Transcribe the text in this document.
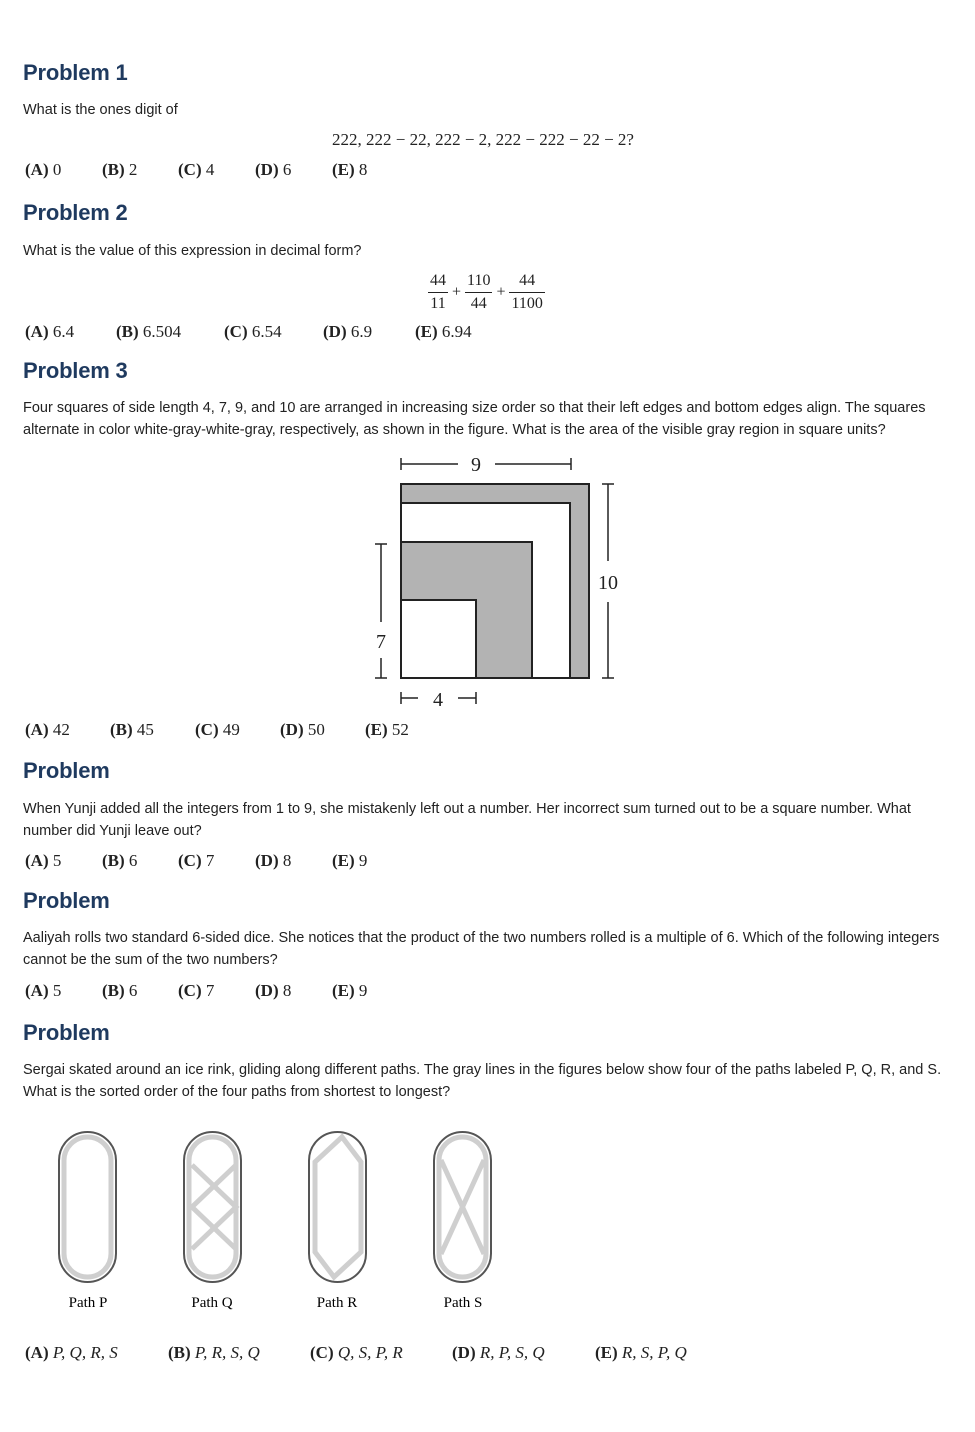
Problem 1
What is the ones digit of
222, 222 − 22, 222 − 2, 222 − 222 − 22 − 2?
(A) 0 (B) 2 (C) 4 (D) 6 (E) 8
Problem 2
What is the value of this expression in decimal form?
$\frac{44}{11} + \frac{110}{44} + \frac{44}{1100}$
(A) 6.4 (B) 6.504	(C) 6.54 (D) 6.9	(E) 6.94
Problem 3
Four squares of side length 4, 7, 9, and 10 are arranged in increasing size order so that their left edges and bottom edges align. The squares alternate in color white-gray-white-gray, respectively, as shown in the figure. What is the area of the visible gray region in square units?
9
10
7
4
(A) 42 (B) 45 (C) 49 (D) 50 (E) 52
Problem
When Yunji added all the integers from 1 to 9, she mistakenly left out a number. Her incorrect sum turned out to be a square number. What number did Yunji leave out?
(A) 5 (B) 6 (C) 7 (D) 8 (E) 9
Problem
Aaliyah rolls two standard 6-sided dice. She notices that the product of the two numbers rolled is a multiple of 6. Which of the following integers cannot be the sum of the two numbers?
(A) 5 (B) 6 (C) 7 (D) 8 (E) 9
Problem
Sergai skated around an ice rink, gliding along different paths. The gray lines in the figures below show four of the paths labeled P, Q, R, and S. What is the sorted order of the four paths from shortest to longest?
Path P	Path Q	Path R	Path S
(A) P, Q, R, S	(B) P, R, S, Q	(C) Q, S, P, R	(D) R, P, S, Q	(E) R, S, P, Q
